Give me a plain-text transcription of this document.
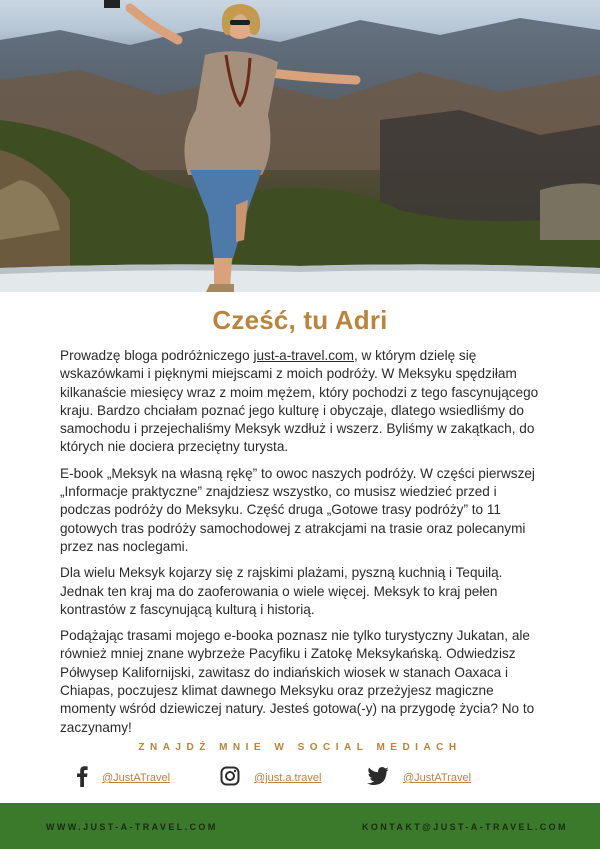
Cześć, tu Adri

Prowadzę bloga podróżniczego just-a-travel.com, w którym dzielę się wskazówkami i pięknymi miejscami z moich podróży. W Meksyku spędziłam kilkanaście miesięcy wraz z moim mężem, który pochodzi z tego fascynującego kraju. Bardzo chciałam poznać jego kulturę i obyczaje, dlatego wsiedliśmy do samochodu i przejechaliśmy Meksyk wzdłuż i wszerz. Byliśmy w zakątkach, do których nie dociera przeciętny turysta.

E-book „Meksyk na własną rękę” to owoc naszych podróży. W części pierwszej „Informacje praktyczne” znajdziesz wszystko, co musisz wiedzieć przed i podczas podróży do Meksyku. Część druga „Gotowe trasy podróży” to 11 gotowych tras podróży samochodowej z atrakcjami na trasie oraz polecanymi przez nas noclegami.

Dla wielu Meksyk kojarzy się z rajskimi plażami, pyszną kuchnią i Tequilą. Jednak ten kraj ma do zaoferowania o wiele więcej. Meksyk to kraj pełen kontrastów z fascynującą kulturą i historią.

Podążając trasami mojego e-booka poznasz nie tylko turystyczny Jukatan, ale również mniej znane wybrzeże Pacyfiku i Zatokę Meksykańską. Odwiedzisz Półwysep Kalifornijski, zawitasz do indiańskich wiosek w stanach Oaxaca i Chiapas, poczujesz klimat dawnego Meksyku oraz przeżyjesz magiczne momenty wśród dziewiczej natury. Jesteś gotowa(-y) na przygodę życia? No to zaczynamy!

ZNAJDŹ MNIE W SOCIAL MEDIACH
@JustATravel	@just.a.travel	@JustATravel
WWW.JUST-A-TRAVEL.COM	KONTAKT@JUST-A-TRAVEL.COM
